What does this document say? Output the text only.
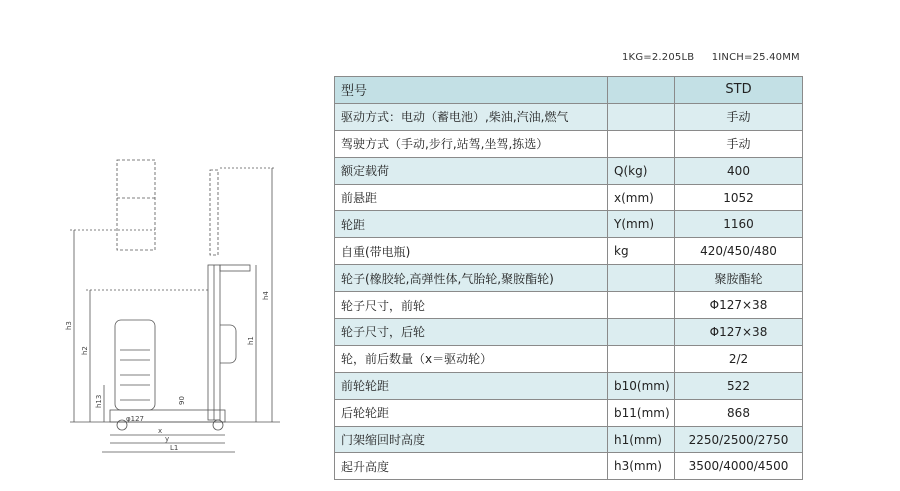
1KG=2.205LB 1INCH=25.40MM
h4
h3
h2
h1
h13	90
φ127
x
y
L1
型号		STD
驱动方式：电动（蓄电池）,柴油,汽油,燃气		手动
驾驶方式（手动,步行,站驾,坐驾,拣选）		手动
额定载荷	Q(kg)	400
前悬距	x(mm)	1052
轮距	Y(mm)	1160
自重(带电瓶)	kg	420/450/480
轮子(橡胶轮,高弹性体,气胎轮,聚胺酯轮)		聚胺酯轮
轮子尺寸，前轮		Φ127×38
轮子尺寸，后轮		Φ127×38
轮，前后数量（x＝驱动轮）		2/2
前轮轮距	b10(mm)	522
后轮轮距	b11(mm)	868
门架缩回时高度	h1(mm)	2250/2500/2750
起升高度	h3(mm)	3500/4000/4500
